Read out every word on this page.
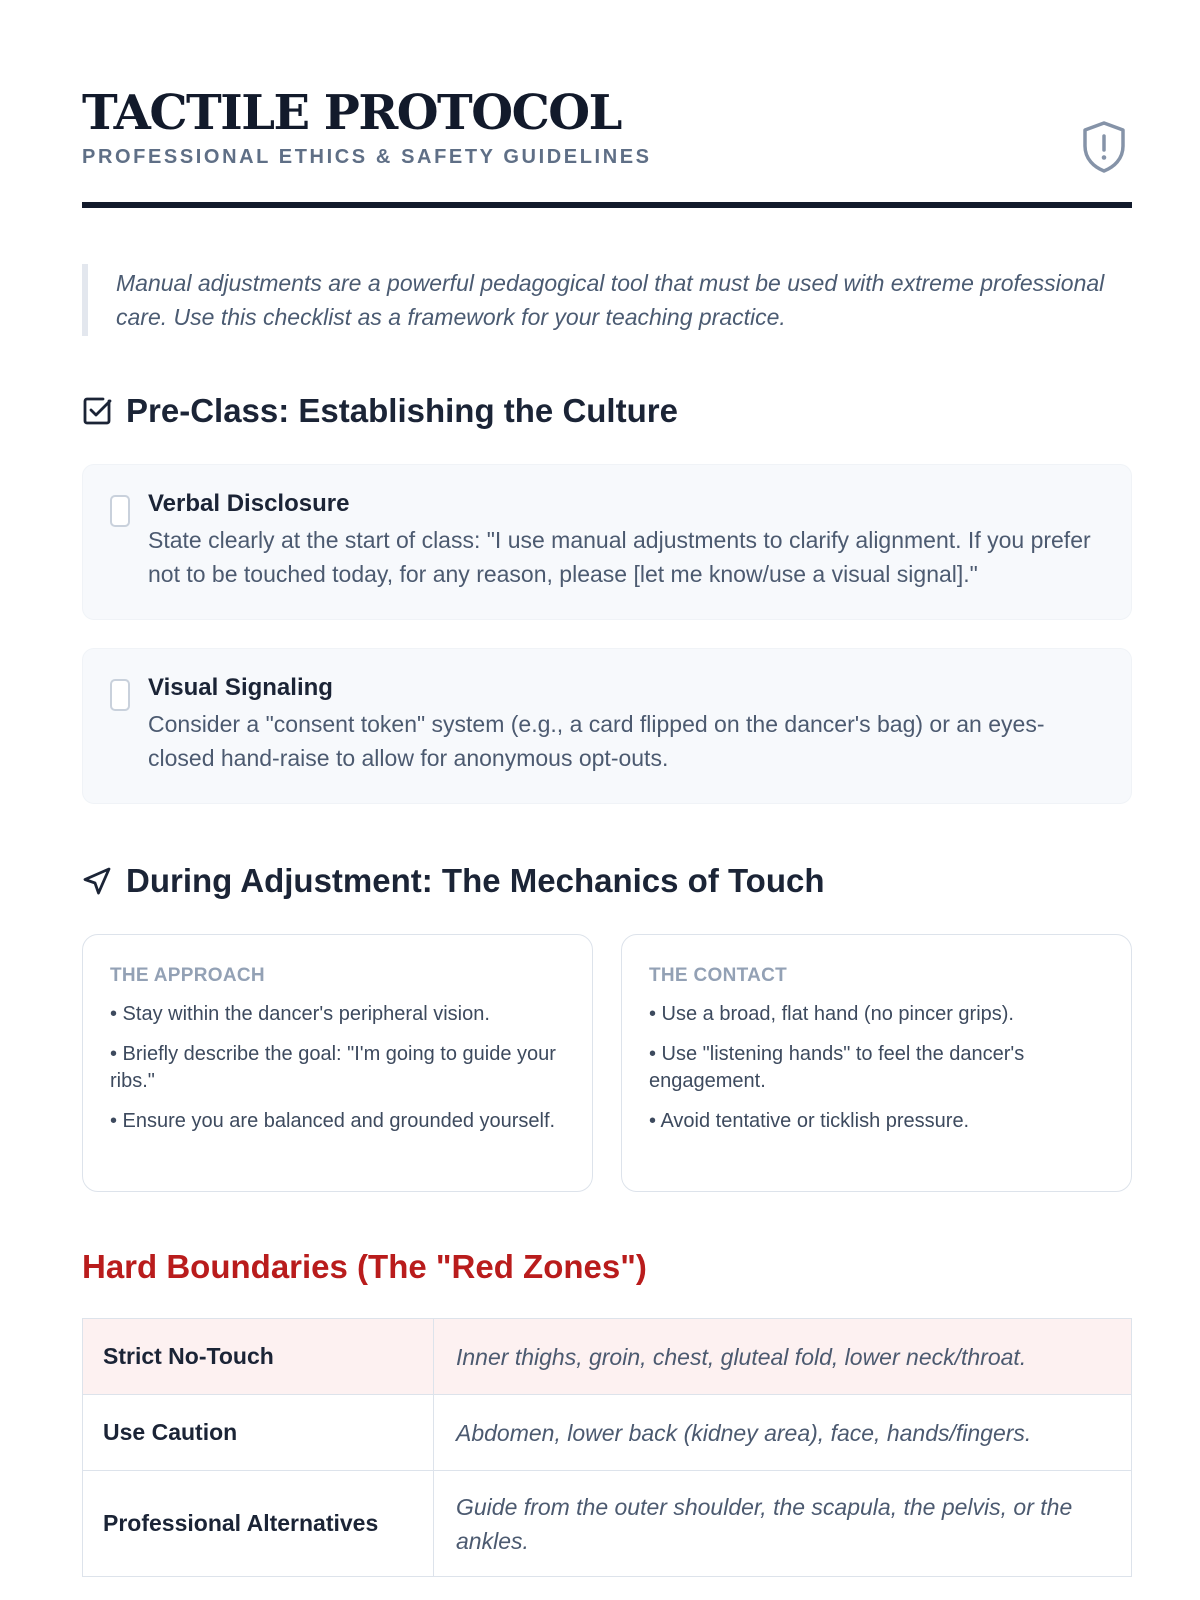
TACTILE PROTOCOL
PROFESSIONAL ETHICS & SAFETY GUIDELINES
Manual adjustments are a powerful pedagogical tool that must be used with extreme professional care. Use this checklist as a framework for your teaching practice.
Pre-Class: Establishing the Culture
Verbal Disclosure
State clearly at the start of class: "I use manual adjustments to clarify alignment. If you prefer not to be touched today, for any reason, please [let me know/use a visual signal]."
Visual Signaling
Consider a "consent token" system (e.g., a card flipped on the dancer's bag) or an eyes-closed hand-raise to allow for anonymous opt-outs.
During Adjustment: The Mechanics of Touch
THE APPROACH
• Stay within the dancer's peripheral vision.
• Briefly describe the goal: "I'm going to guide your ribs."
• Ensure you are balanced and grounded yourself.
THE CONTACT
• Use a broad, flat hand (no pincer grips).
• Use "listening hands" to feel the dancer's engagement.
• Avoid tentative or ticklish pressure.
Hard Boundaries (The "Red Zones")
Strict No-Touch	Inner thighs, groin, chest, gluteal fold, lower neck/throat.
Use Caution	Abdomen, lower back (kidney area), face, hands/fingers.
Professional Alternatives	Guide from the outer shoulder, the scapula, the pelvis, or the ankles.
